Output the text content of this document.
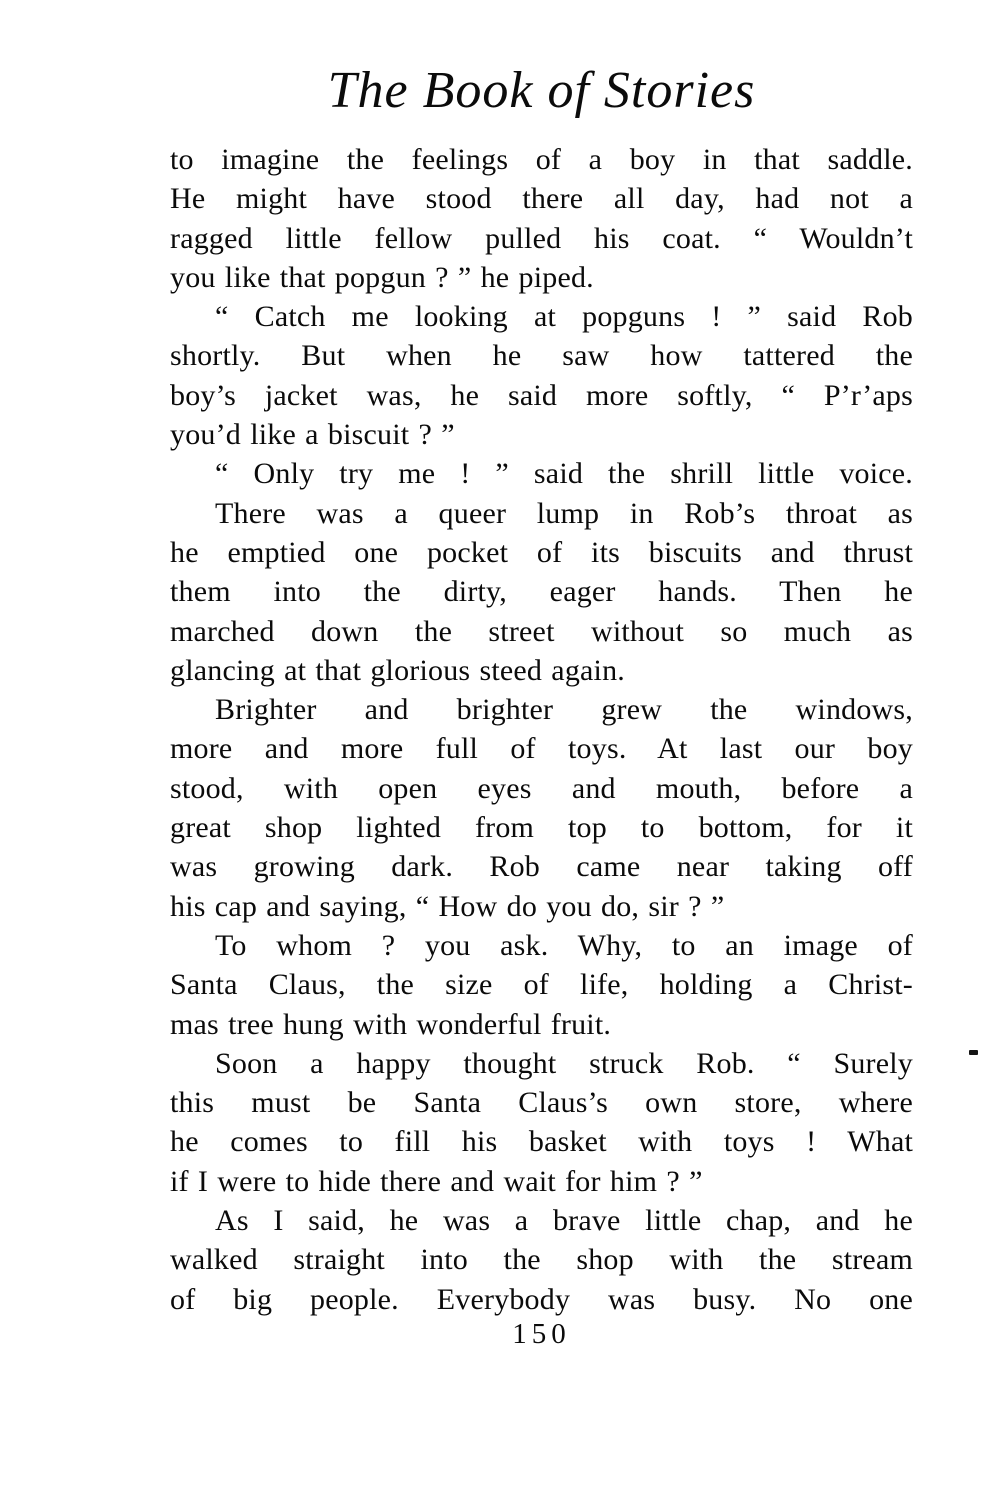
The Book of Stories
to imagine the feelings of a boy in that saddle.
He might have stood there all day, had not a
ragged little fellow pulled his coat. “ Wouldn’t
you like that popgun ? ” he piped.
“ Catch me looking at popguns ! ” said Rob
shortly. But when he saw how tattered the
boy’s jacket was, he said more softly, “ P’r’aps
you’d like a biscuit ? ”
“ Only try me ! ” said the shrill little voice.
There was a queer lump in Rob’s throat as
he emptied one pocket of its biscuits and thrust
them into the dirty, eager hands. Then he
marched down the street without so much as
glancing at that glorious steed again.
Brighter and brighter grew the windows,
more and more full of toys. At last our boy
stood, with open eyes and mouth, before a
great shop lighted from top to bottom, for it
was growing dark. Rob came near taking off
his cap and saying, “ How do you do, sir ? ”
To whom ? you ask. Why, to an image of
Santa Claus, the size of life, holding a Christ-
mas tree hung with wonderful fruit.
Soon a happy thought struck Rob. “ Surely
this must be Santa Claus’s own store, where
he comes to fill his basket with toys ! What
if I were to hide there and wait for him ? ”
As I said, he was a brave little chap, and he
walked straight into the shop with the stream
of big people. Everybody was busy. No one
150
